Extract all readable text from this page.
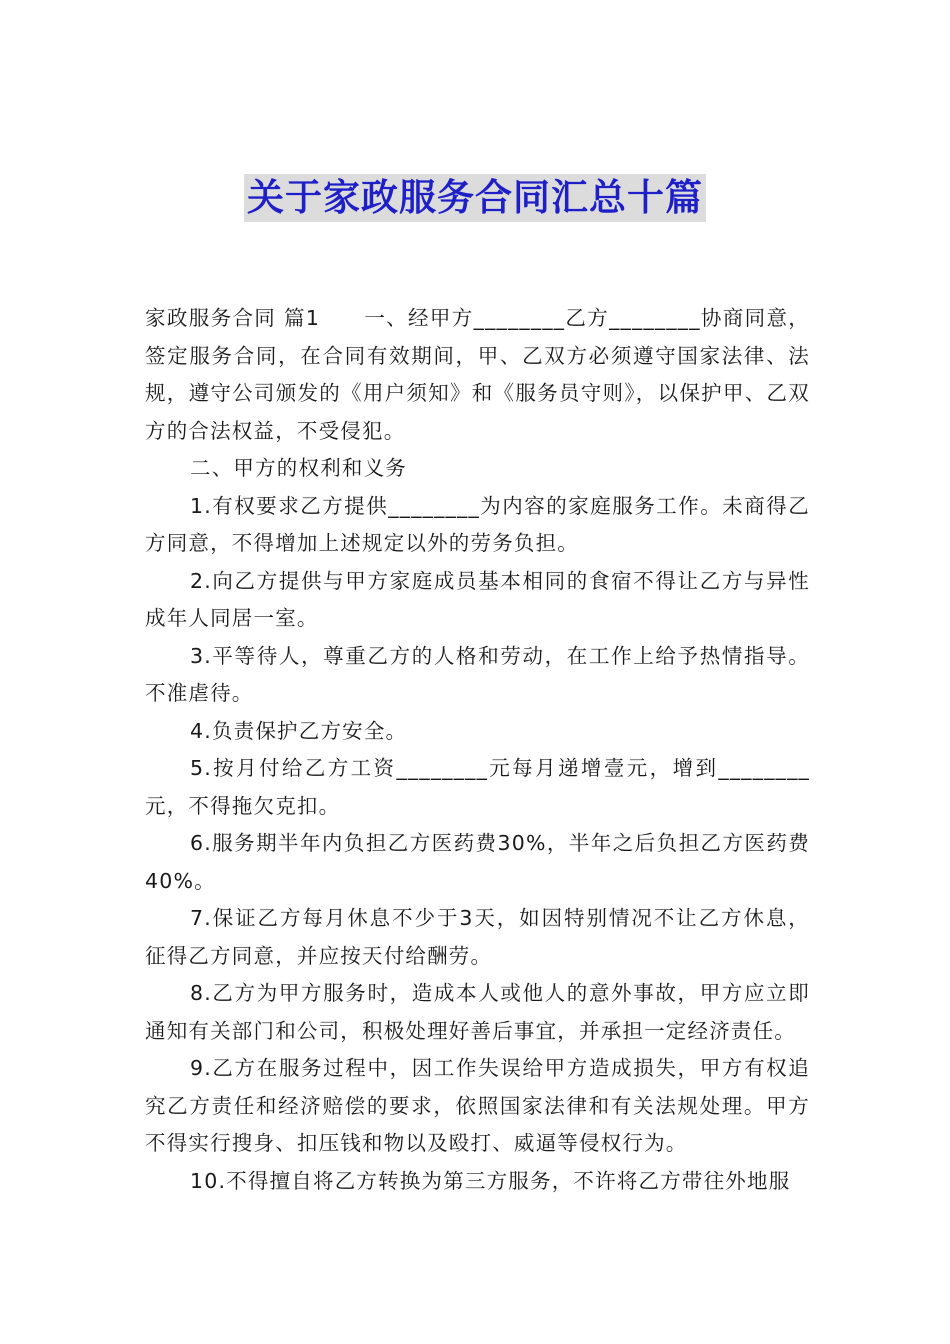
关于家政服务合同汇总十篇

家政服务合同 篇1 一、经甲方________乙方________协商同意，签定服务合同，在合同有效期间，甲、乙双方必须遵守国家法律、法规，遵守公司颁发的《用户须知》和《服务员守则》，以保护甲、乙双方的合法权益，不受侵犯。

二、甲方的权利和义务

1.有权要求乙方提供________为内容的家庭服务工作。未商得乙方同意，不得增加上述规定以外的劳务负担。

2.向乙方提供与甲方家庭成员基本相同的食宿不得让乙方与异性成年人同居一室。

3.平等待人，尊重乙方的人格和劳动，在工作上给予热情指导。不准虐待。

4.负责保护乙方安全。

5.按月付给乙方工资________元每月递增壹元，增到________元，不得拖欠克扣。

6.服务期半年内负担乙方医药费30%，半年之后负担乙方医药费40%。

7.保证乙方每月休息不少于3天，如因特别情况不让乙方休息，征得乙方同意，并应按天付给酬劳。

8.乙方为甲方服务时，造成本人或他人的意外事故，甲方应立即通知有关部门和公司，积极处理好善后事宜，并承担一定经济责任。

9.乙方在服务过程中，因工作失误给甲方造成损失，甲方有权追究乙方责任和经济赔偿的要求，依照国家法律和有关法规处理。甲方不得实行搜身、扣压钱和物以及殴打、威逼等侵权行为。

10.不得擅自将乙方转换为第三方服务，不许将乙方带往外地服
